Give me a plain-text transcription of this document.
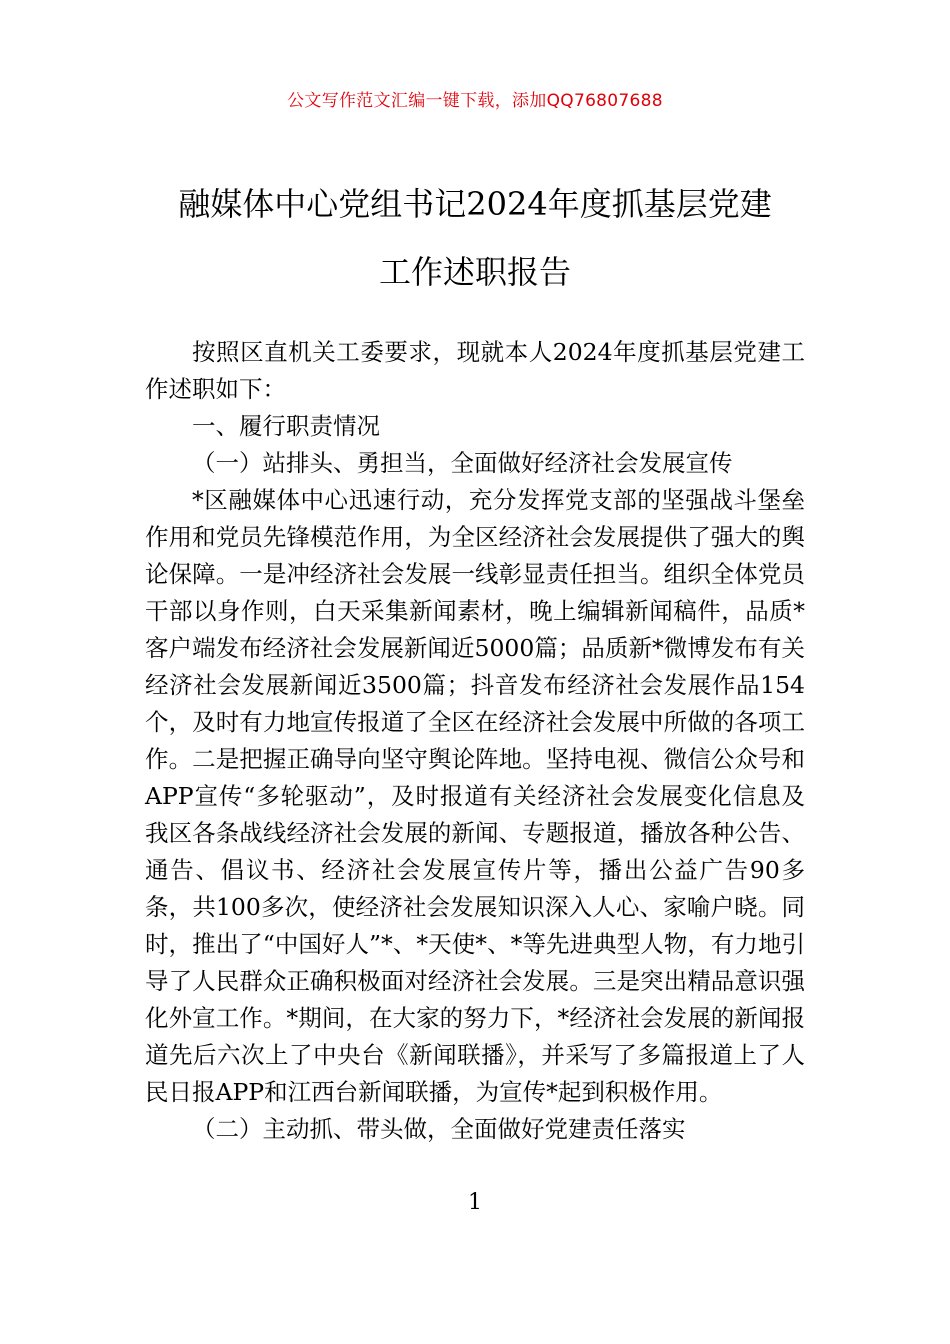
公文写作范文汇编一键下载，添加QQ76807688
融媒体中心党组书记2024年度抓基层党建
工作述职报告

按照区直机关工委要求，现就本人2024年度抓基层党建工作述职如下：

一、履行职责情况

（一）站排头、勇担当，全面做好经济社会发展宣传

*区融媒体中心迅速行动，充分发挥党支部的坚强战斗堡垒作用和党员先锋模范作用，为全区经济社会发展提供了强大的舆论保障。一是冲经济社会发展一线彰显责任担当。组织全体党员干部以身作则，白天采集新闻素材，晚上编辑新闻稿件，品质*客户端发布经济社会发展新闻近5000篇；品质新*微博发布有关经济社会发展新闻近3500篇；抖音发布经济社会发展作品154个，及时有力地宣传报道了全区在经济社会发展中所做的各项工作。二是把握正确导向坚守舆论阵地。坚持电视、微信公众号和APP宣传“多轮驱动”，及时报道有关经济社会发展变化信息及我区各条战线经济社会发展的新闻、专题报道，播放各种公告、通告、倡议书、经济社会发展宣传片等，播出公益广告90多条，共100多次，使经济社会发展知识深入人心、家喻户晓。同时，推出了“中国好人”*、*天使*、*等先进典型人物，有力地引导了人民群众正确积极面对经济社会发展。三是突出精品意识强化外宣工作。*期间，在大家的努力下，*经济社会发展的新闻报道先后六次上了中央台《新闻联播》，并采写了多篇报道上了人民日报APP和江西台新闻联播，为宣传*起到积极作用。

（二）主动抓、带头做，全面做好党建责任落实

1
